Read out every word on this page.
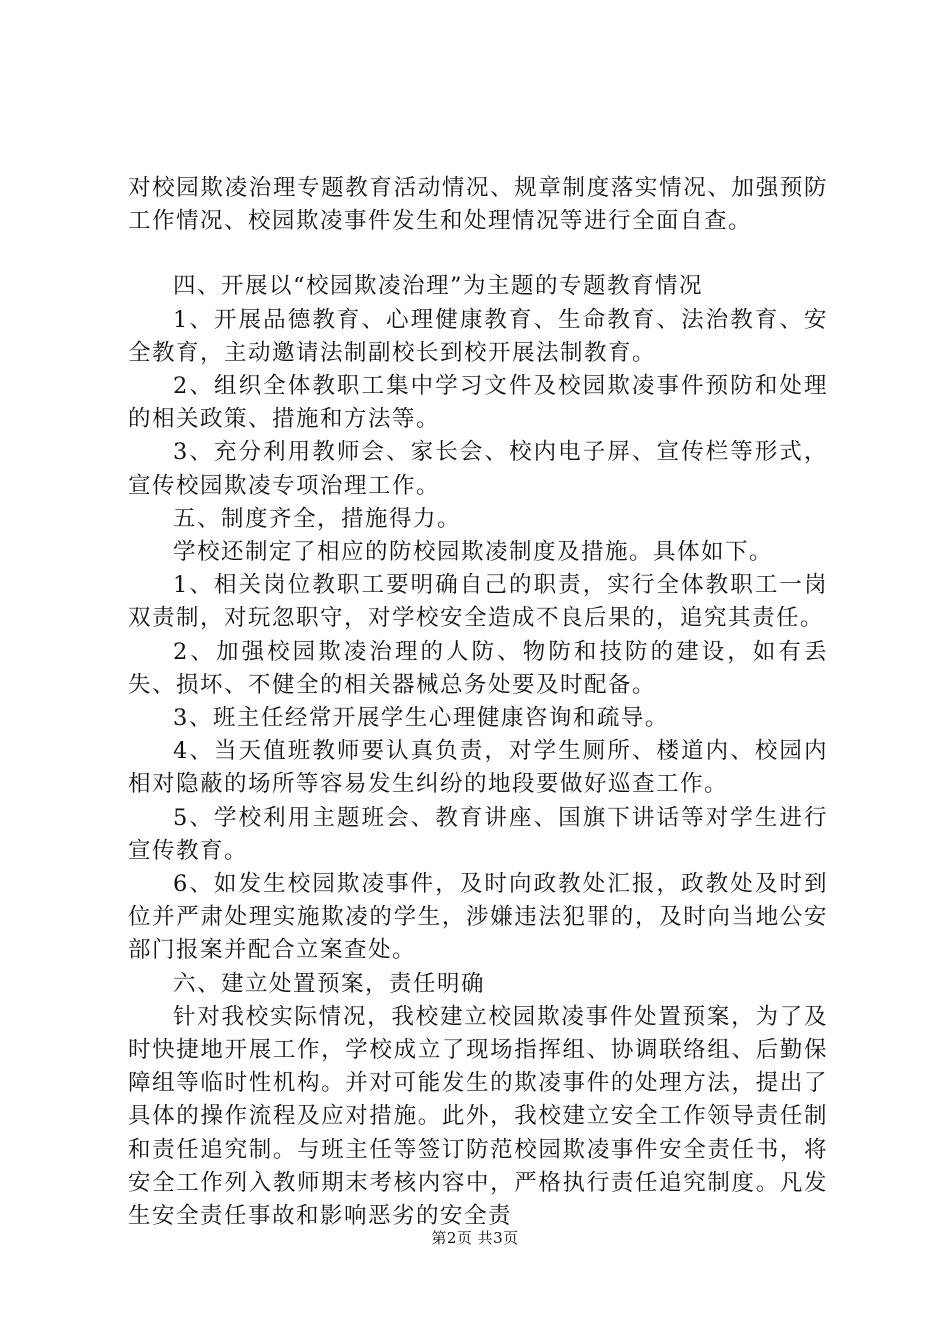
对校园欺凌治理专题教育活动情况、规章制度落实情况、加强预防工作情况、校园欺凌事件发生和处理情况等进行全面自查。

四、开展以“校园欺凌治理”为主题的专题教育情况

1、开展品德教育、心理健康教育、生命教育、法治教育、安全教育，主动邀请法制副校长到校开展法制教育。

2、组织全体教职工集中学习文件及校园欺凌事件预防和处理的相关政策、措施和方法等。

3、充分利用教师会、家长会、校内电子屏、宣传栏等形式，宣传校园欺凌专项治理工作。

五、制度齐全，措施得力。

学校还制定了相应的防校园欺凌制度及措施。具体如下。

1、相关岗位教职工要明确自己的职责，实行全体教职工一岗双责制，对玩忽职守，对学校安全造成不良后果的，追究其责任。

2、加强校园欺凌治理的人防、物防和技防的建设，如有丢失、损坏、不健全的相关器械总务处要及时配备。

3、班主任经常开展学生心理健康咨询和疏导。

4、当天值班教师要认真负责，对学生厕所、楼道内、校园内相对隐蔽的场所等容易发生纠纷的地段要做好巡查工作。

5、学校利用主题班会、教育讲座、国旗下讲话等对学生进行宣传教育。

6、如发生校园欺凌事件，及时向政教处汇报，政教处及时到位并严肃处理实施欺凌的学生，涉嫌违法犯罪的，及时向当地公安部门报案并配合立案查处。

六、建立处置预案，责任明确

针对我校实际情况，我校建立校园欺凌事件处置预案，为了及时快捷地开展工作，学校成立了现场指挥组、协调联络组、后勤保障组等临时性机构。并对可能发生的欺凌事件的处理方法，提出了具体的操作流程及应对措施。此外，我校建立安全工作领导责任制和责任追究制。与班主任等签订防范校园欺凌事件安全责任书，将安全工作列入教师期末考核内容中，严格执行责任追究制度。凡发生安全责任事故和影响恶劣的安全责

第2页 共3页
